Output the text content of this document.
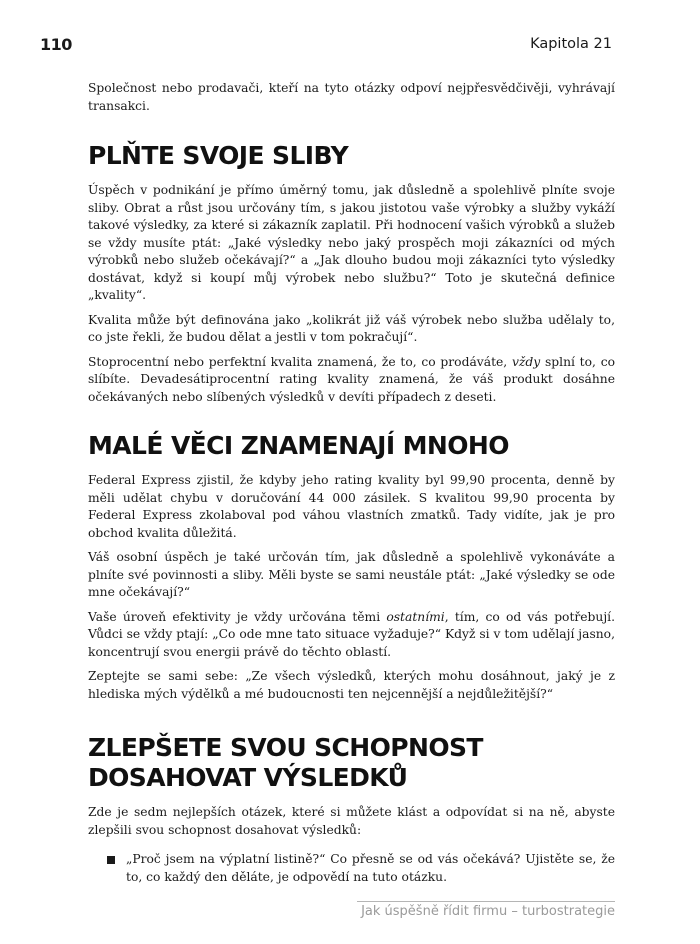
110	Kapitola 21

Společnost nebo prodavači, kteří na tyto otázky odpoví nejpřesvědčivěji, vyhrávají transakci.

PLŇTE SVOJE SLIBY

Úspěch v podnikání je přímo úměrný tomu, jak důsledně a spolehlivě plníte svoje sliby. Obrat a růst jsou určovány tím, s jakou jistotou vaše výrobky a služby vykáží takové výsledky, za které si zákazník zaplatil. Při hodnocení vašich výrobků a služeb se vždy musíte ptát: „Jaké výsledky nebo jaký prospěch moji zákazníci od mých výrobků nebo služeb očekávají?“ a „Jak dlouho budou moji zákazníci tyto výsledky dostávat, když si koupí můj výrobek nebo službu?“ Toto je skutečná definice „kvality“.

Kvalita může být definována jako „kolikrát již váš výrobek nebo služba udělaly to, co jste řekli, že budou dělat a jestli v tom pokračují“.

Stoprocentní nebo perfektní kvalita znamená, že to, co prodáváte, vždy splní to, co slíbíte. Devadesátiprocentní rating kvality znamená, že váš produkt dosáhne očekávaných nebo slíbených výsledků v devíti případech z deseti.

MALÉ VĚCI ZNAMENAJÍ MNOHO

Federal Express zjistil, že kdyby jeho rating kvality byl 99,90 procenta, denně by měli udělat chybu v doručování 44 000 zásilek. S kvalitou 99,90 procenta by Federal Express zkolaboval pod váhou vlastních zmatků. Tady vidíte, jak je pro obchod kvalita důležitá.

Váš osobní úspěch je také určován tím, jak důsledně a spolehlivě vykonáváte a plníte své povinnosti a sliby. Měli byste se sami neustále ptát: „Jaké výsledky se ode mne očekávají?“

Vaše úroveň efektivity je vždy určována těmi ostatními, tím, co od vás potřebují. Vůdci se vždy ptají: „Co ode mne tato situace vyžaduje?“ Když si v tom udělají jasno, koncentrují svou energii právě do těchto oblastí.

Zeptejte se sami sebe: „Ze všech výsledků, kterých mohu dosáhnout, jaký je z hlediska mých výdělků a mé budoucnosti ten nejcennější a nejdůležitější?“

ZLEPŠETE SVOU SCHOPNOST
DOSAHOVAT VÝSLEDKŮ

Zde je sedm nejlepších otázek, které si můžete klást a odpovídat si na ně, abyste zlepšili svou schopnost dosahovat výsledků:

„Proč jsem na výplatní listině?“ Co přesně se od vás očekává? Ujistěte se, že to, co každý den děláte, je odpovědí na tuto otázku.
Jak úspěšně řídit firmu – turbostrategie
